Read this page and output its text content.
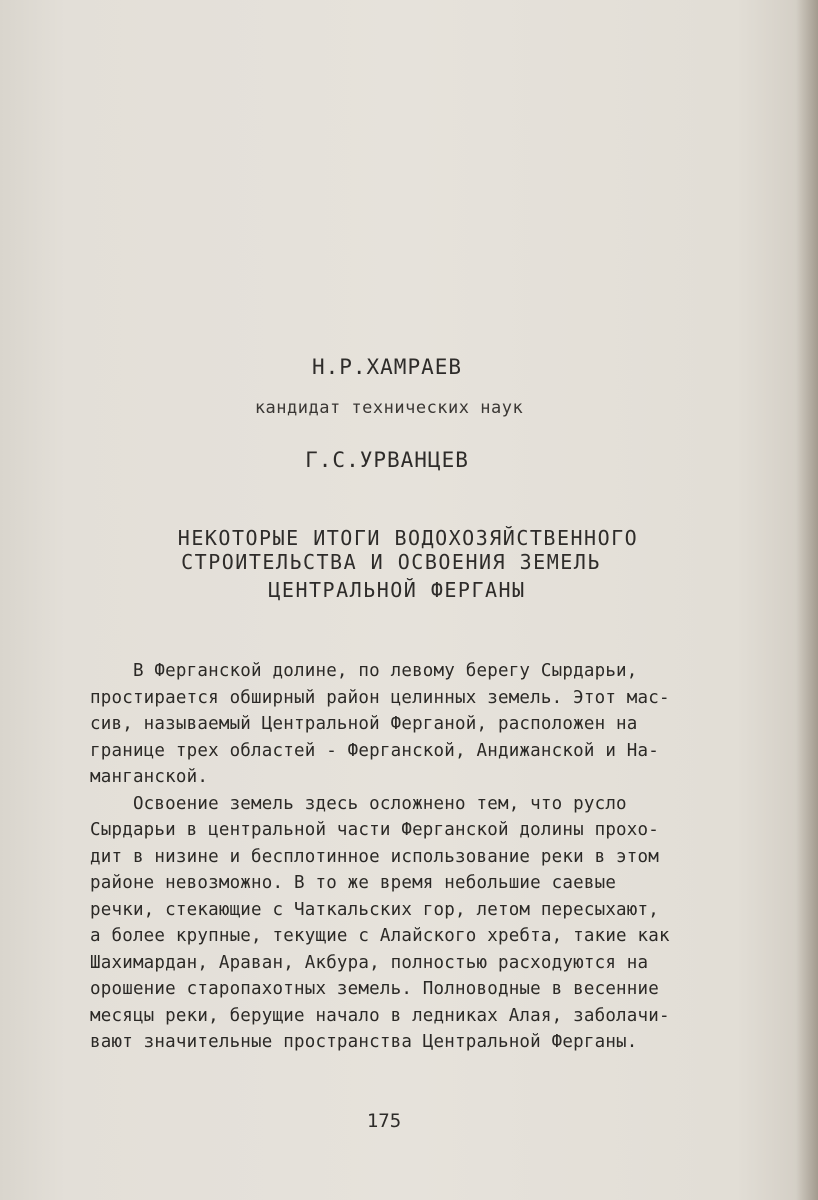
Н.Р.ХАМРАЕВ
кандидат технических наук
Г.С.УРВАНЦЕВ
НЕКОТОРЫЕ ИТОГИ ВОДОХОЗЯЙСТВЕННОГО
СТРОИТЕЛЬСТВА И ОСВОЕНИЯ ЗЕМЕЛЬ
ЦЕНТРАЛЬНОЙ ФЕРГАНЫ
В Ферганской долине, по левому берегу Сырдарьи,
простирается обширный район целинных земель. Этот мас-
сив, называемый Центральной Ферганой, расположен на
границе трех областей - Ферганской, Андижанской и На-
манганской.
Освоение земель здесь осложнено тем, что русло
Сырдарьи в центральной части Ферганской долины прохо-
дит в низине и бесплотинное использование реки в этом
районе невозможно. В то же время небольшие саевые
речки, стекающие с Чаткальских гор, летом пересыхают,
а более крупные, текущие с Алайского хребта, такие как
Шахимардан, Араван, Акбура, полностью расходуются на
орошение старопахотных земель. Полноводные в весенние
месяцы реки, берущие начало в ледниках Алая, заболачи-
вают значительные пространства Центральной Ферганы.
175
